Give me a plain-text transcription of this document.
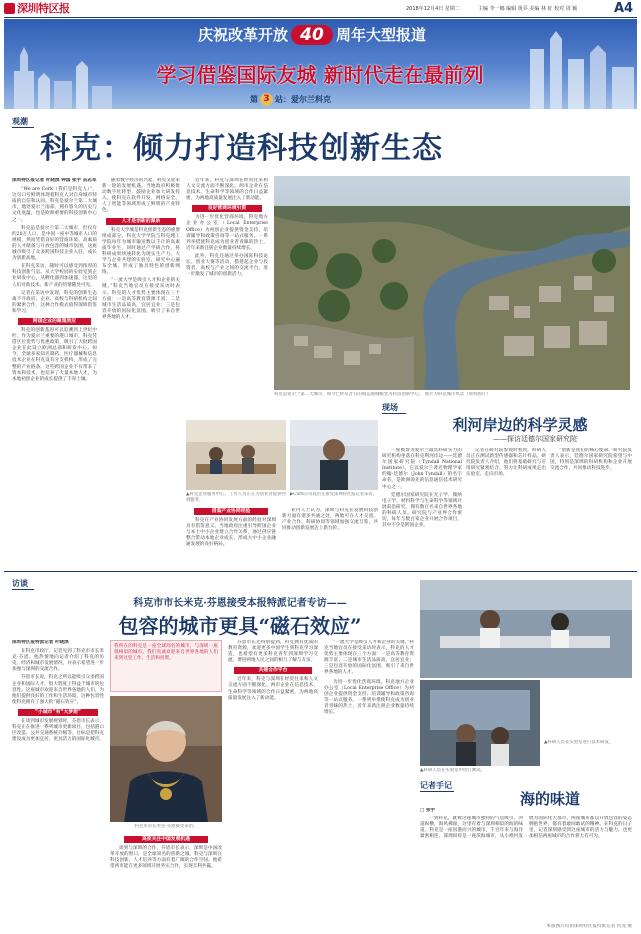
深圳特区报	2018年12月4日 星期二	主编 李一娜 编辑 黄乔 美编 林 征 校对 周 颖	A4
庆祝改革开放 40 周年大型报道
学习借鉴国际友城 新时代走在最前列
第 3 站：爱尔兰科克
观潮
科克：倾力打造科技创新生态

深圳特区报记者 叶晓滨 钟国 张宇 苗志军

“We are Cork（我们是科克人）”，这句口号鲜明体现着科克人对自身城市特质的自信和认同。科克是爱尔兰第二大城市，地处爱尔兰南部，拥有悠久的历史与文化底蕴，也是欧洲重要的科技创新中心之一。

科克虽是爱尔兰第二大城市，但仅有约20万人口，是中国一座中等城市人口的规模，然而凭借良好的营商环境、高素质的人才储备与开放包容的城市氛围，这座城市吸引了众多跨国科技企业入驻，成长为创新高地。

在科克采访，随时可以感受到浓厚的科技创新气息。从大学校园的实验室到企业研发中心，从孵化器到加速器，这里的人们对新技术、新产业的热情随处可见。

记者在采访中发现，科克的创新生态离不开政府、企业、高校与科研机构之间的紧密合作，这种合作模式值得深圳借鉴和学习。

跨国企业的聚集效应

科克的创新基因可以追溯到上世纪中叶。作为爱尔兰重要的港口城市，科克凭借区位优势与优惠政策，吸引了大批跨国企业在此设立欧洲总部和研发中心。如今，全球多家知名制药、医疗器械和信息技术企业在科克设有分支机构，形成了完整的产业链条。这些跨国企业不仅带来了资本和技术，也培养了大量本地人才，为本地初创企业的成长提供了丰厚土壤。

随着数字经济的兴起，科克又迎来新一轮的发展机遇。当地政府积极推动数字化转型，鼓励企业加大研发投入，使科克在软件开发、网络安全、人工智能等领域形成了鲜明的产业特色。

人才是创新的源泉

科克大学城是科克创新生态的重要组成部分。科克大学学院与科克理工学院每年为城市输送数以千计的高素质毕业生，同时通过产学研合作，将科研成果快速转化为现实生产力。大学与企业共建的实验室、研究中心遍布全城，形成了独具特色的创新网络。

“一流大学是吸引人才和企业的关键。”科克当地官员在接受采访时表示，科克的人才优势主要体现在三个方面：一是高等教育资源丰富；二是城市生活品质高，宜居宜业；三是包容开放的国际化氛围，吸引了来自世界各地的人才。

近年来，科克与深圳在经贸往来和人文交流方面不断深化。两市企业在信息技术、生命科学等领域的合作日益紧密，为两地高质量发展注入了新动能。

良好营商环境引资

为进一步优化营商环境，科克地方企业办公室（Local Enterprise Office）为初创企业提供资金支持、培训辅导和政策咨询等一站式服务。一系列举措使科克成为创业者青睐的热土，近年来新注册企业数量持续增长。

此外，科克还通过举办国际科技论坛、创业大赛等活动，搭建起企业与投资者、高校与产业之间的交流平台，进一步激发了城市的创新活力。

科克是爱尔兰第二大城市，如今已经从昔日的航运港城蜕变为科技创新中心。 图片为科克城市风景（资料图片）
▲科克企业服务中心，工作人员正在为创业者提供咨询服务。
▶Cork公司高层在接受深圳特区报记者采访。
借鉴产业协同经验

科克在产业协同发展方面的经验对深圳具有借鉴意义。当地政府注重引导跨国企业与本土中小企业建立合作关系，通过供应链整合带动本地企业成长，形成大中小企业融通发展的良好格局。

业内人士认为，深圳与科克在发展科技创新方面有诸多共通之处，两地可在人才交流、产业合作、科研协同等领域加强交流互鉴，共同推动创新发展迈上新台阶。

现场
利河岸边的科学灵感
——探访廷德尔国家研究院

一座被誉为爱尔兰最具科研实力的研究机构坐落在科克利河岸边——廷德尔国家研究院（Tyndall National Institute）。它以爱尔兰著名物理学家约翰·廷德尔（John Tyndall）的名字命名，是欧洲领先的信息通信技术研究中心之一。

廷德尔国家研究院在光子学、微纳电子学、材料科学与生命科学等领域开展前沿研究，拥有数百名来自世界各地的科研人员。研究院与产业界合作密切，每年与数百家企业开展合作项目，其中不少是跨国企业。

记者在研究院参观时看到，科研人员正在测试新型传感器和芯片样品。研究院负责人介绍，他们将基础研究与应用研究紧密结合，努力让科研成果走出实验室、走向市场。

“创新是我们的核心使命。”研究院负责人表示，廷德尔国家研究院希望与中国，特别是深圳的科研机构和企业开展交流合作，共同推动科技进步。

访谈
科克市市长米克·芬恩接受本报特派记者专访——
包容的城市更具“磁石效应”

深圳特区报特派记者 叶晓滨

在科克市政厅，记者见到了科克市市长米克·芬恩。他热情地向记者介绍了科克的历史、经济和城市发展情况，并表示希望进一步加强与深圳的交流合作。

芬恩市长说，科克之所以能吸引众多跨国企业和国际人才，很大程度上得益于城市的包容性。这座城市欢迎来自世界各地的人们，为他们提供良好的工作和生活环境，这种包容性使科克拥有了强大的“磁石效应”。

“小城市”有“大梦想”

在谈到城市发展规划时，芬恩市长表示，科克正在推进一系列城市更新项目，包括港口区改造、公共交通系统升级等，目标是把科克建设成为更加宜居、更具活力的国际化城市。

我所在的科克是一座全球闻名的城市，与深圳一座很相似的城市。我们真诚欢迎来自世界各地的人们来到这里工作、生活和投资。
科克市市长米克·芬恩接受采访。
高度关注中国发展机遇

谈到与深圳的合作，芬恩市长表示，深圳是中国改革开放的窗口，是全球知名的创新之城。科克与深圳在科技创新、人才培养等方面有着广阔的合作空间。他希望两市能在更多领域开展务实合作，实现互利共赢。

芬恩市长还特别提到，科克拥有优质的教育资源，欢迎更多中国学生到科克学习深造，也希望有更多科克青年到深圳学习交流，增进两地人民之间的相互了解与友谊。

共建合作平台

近年来，科克与深圳在经贸往来和人文交流方面不断深化。两市企业在信息技术、生命科学等领域的合作日益紧密，为两地高质量发展注入了新动能。

“一流大学是吸引人才和企业的关键。”科克当地官员在接受采访时表示，科克的人才优势主要体现在三个方面：一是高等教育资源丰富；二是城市生活品质高，宜居宜业；三是包容开放的国际化氛围，吸引了来自世界各地的人才。

为进一步优化营商环境，科克地方企业办公室（Local Enterprise Office）为初创企业提供资金支持、培训辅导和政策咨询等一站式服务。一系列举措使科克成为创业者青睐的热土，近年来新注册企业数量持续增长。

▲科研人员在实验室进行技术研发。
▲科研人员在实验室中进行测试。
记者手记
海的味道
□ 张宇
一到科克，就被这座城市独特的气息吸引。河道纵横，海风拂面，这里有着与深圳相似的海的味道。科克是一座因港而兴的城市，千百年来与海洋紧密相连。深圳同样是一座滨海城市，从小渔村发展为国际化大都市。两座城市都以开放包容的姿态拥抱世界，都有着敢闯敢试的精神。在科克的日子里，记者深刻感受到这座城市的活力与魅力，也更加相信两座城市的合作将大有可为。
本版图片均由深圳特区报特派记者 何龙 摄
